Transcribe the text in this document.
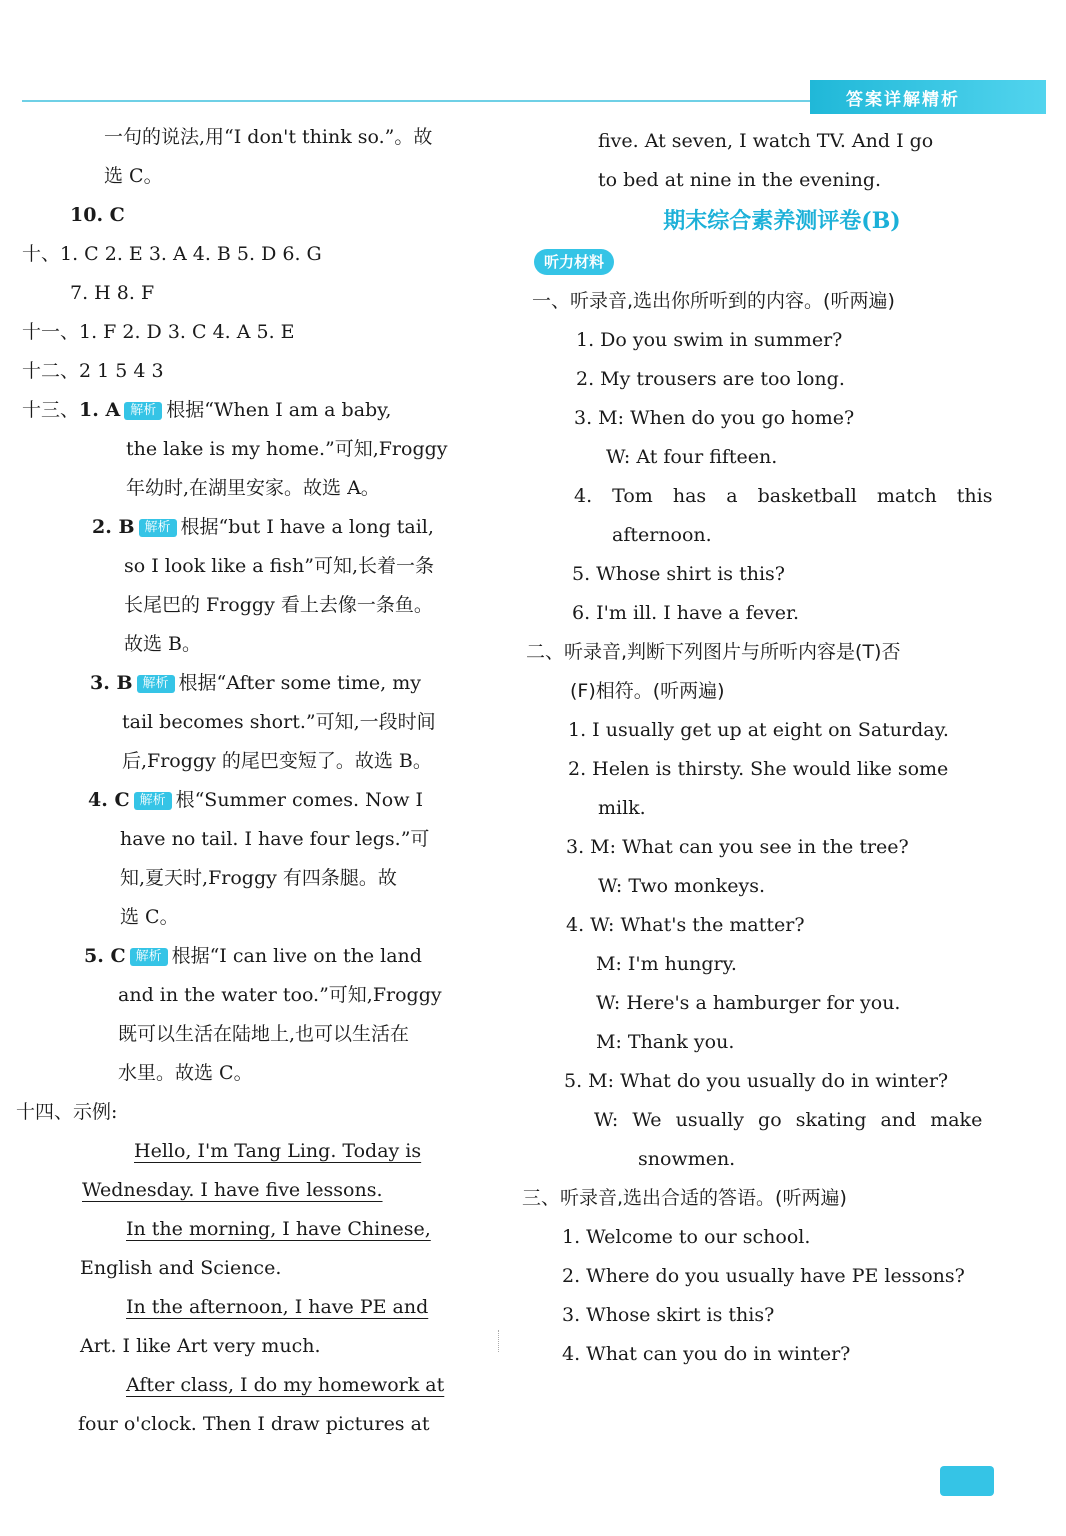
答案详解精析
一句的说法,用“I don't think so.”。故
选 C。
10. C
十、1. C 2. E 3. A 4. B 5. D 6. G
7. H 8. F
十一、1. F 2. D 3. C 4. A 5. E
十二、2 1 5 4 3
十三、1. A 解析 根据“When I am a baby,
the lake is my home.”可知,Froggy
年幼时,在湖里安家。故选 A。
2. B 解析 根据“but I have a long tail,
so I look like a fish”可知,长着一条
长尾巴的 Froggy 看上去像一条鱼。
故选 B。
3. B 解析 根据“After some time, my
tail becomes short.”可知,一段时间
后,Froggy 的尾巴变短了。故选 B。
4. C 解析 根“Summer comes. Now I
have no tail. I have four legs.”可
知,夏天时,Froggy 有四条腿。故
选 C。
5. C 解析 根据“I can live on the land
and in the water too.”可知,Froggy
既可以生活在陆地上,也可以生活在
水里。故选 C。
十四、示例:
Hello, I'm Tang Ling. Today is
Wednesday. I have five lessons.
In the morning, I have Chinese,
English and Science.
In the afternoon, I have PE and
Art. I like Art very much.
After class, I do my homework at
four o'clock. Then I draw pictures at
five. At seven, I watch TV. And I go
to bed at nine in the evening.
期末综合素养测评卷(B)
听力材料
一、听录音,选出你所听到的内容。(听两遍)
1. Do you swim in summer?
2. My trousers are too long.
3. M: When do you go home?
W: At four fifteen.
4. Tom has a basketball match this
afternoon.
5. Whose shirt is this?
6. I'm ill. I have a fever.
二、听录音,判断下列图片与所听内容是(T)否
(F)相符。(听两遍)
1. I usually get up at eight on Saturday.
2. Helen is thirsty. She would like some
milk.
3. M: What can you see in the tree?
W: Two monkeys.
4. W: What's the matter?
M: I'm hungry.
W: Here's a hamburger for you.
M: Thank you.
5. M: What do you usually do in winter?
W: We usually go skating and make
snowmen.
三、听录音,选出合适的答语。(听两遍)
1. Welcome to our school.
2. Where do you usually have PE lessons?
3. Whose skirt is this?
4. What can you do in winter?
